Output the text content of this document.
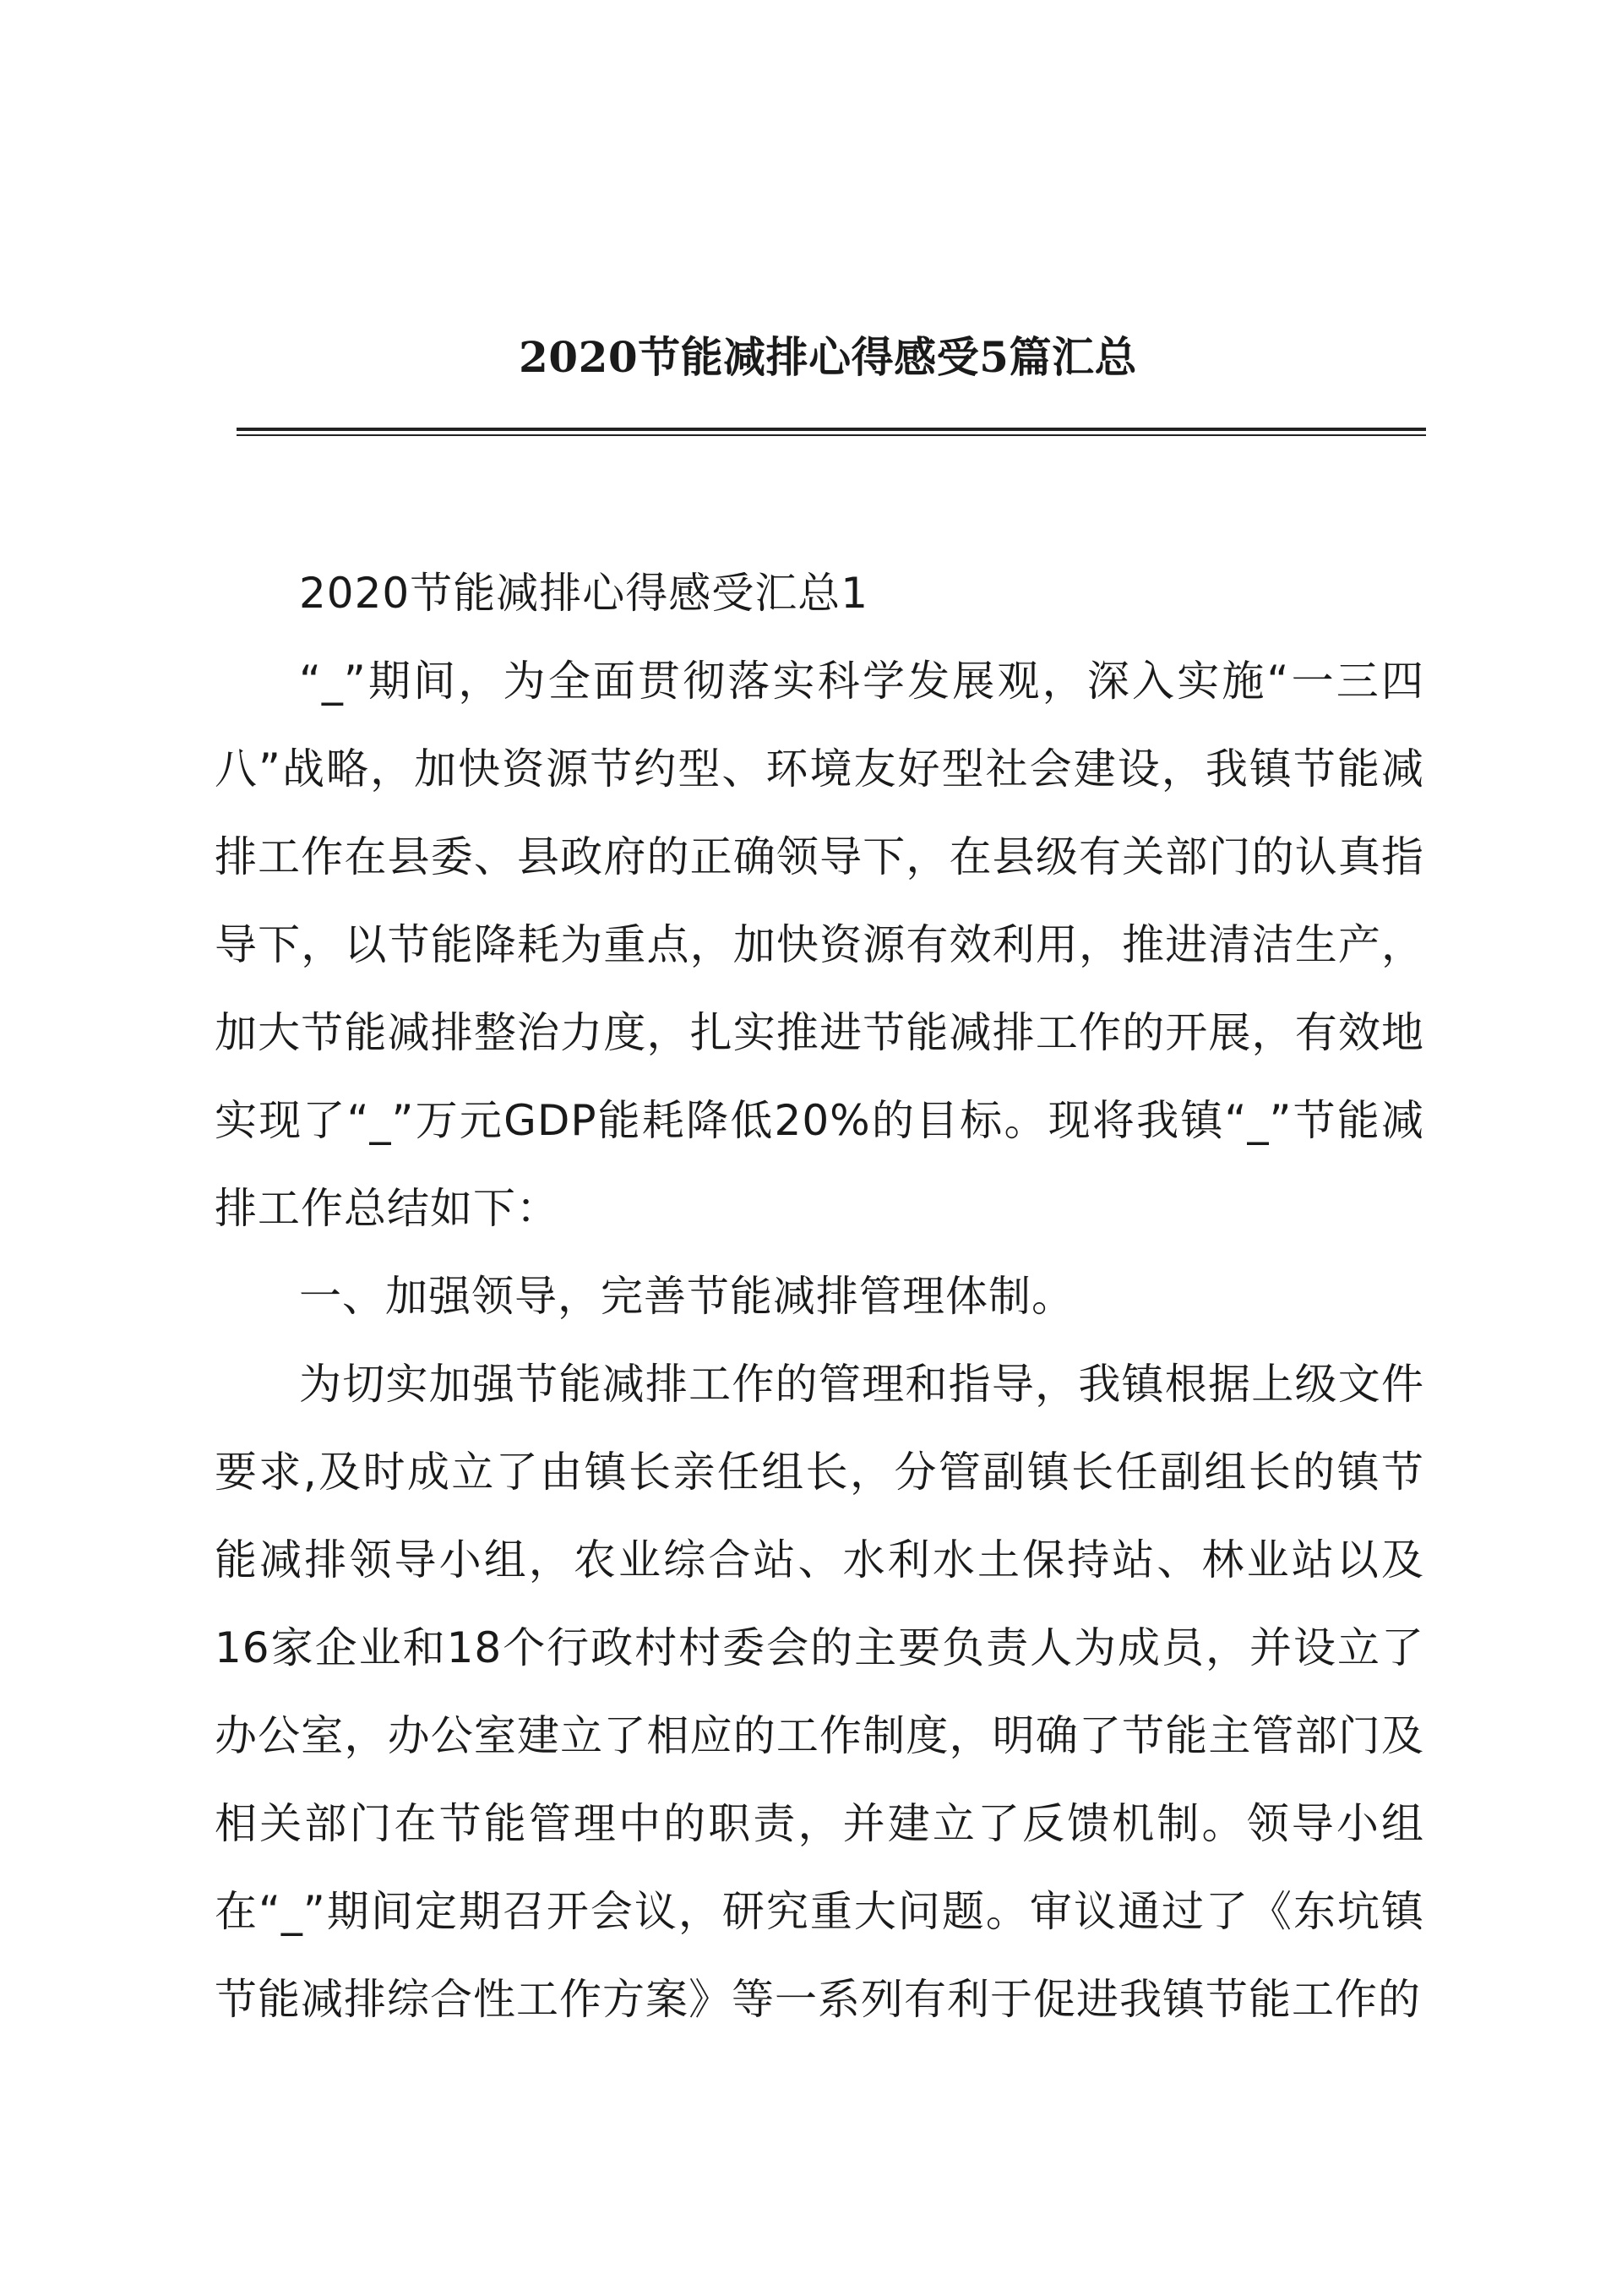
2020节能减排心得感受5篇汇总

2020节能减排心得感受汇总1

“_”期间，为全面贯彻落实科学发展观，深入实施“一三四八”战略，加快资源节约型、环境友好型社会建设，我镇节能减排工作在县委、县政府的正确领导下，在县级有关部门的认真指导下，以节能降耗为重点，加快资源有效利用，推进清洁生产，加大节能减排整治力度，扎实推进节能减排工作的开展，有效地实现了“_”万元GDP能耗降低20%的目标。现将我镇“_”节能减排工作总结如下：

一、加强领导，完善节能减排管理体制。

为切实加强节能减排工作的管理和指导，我镇根据上级文件要求,及时成立了由镇长亲任组长，分管副镇长任副组长的镇节能减排领导小组，农业综合站、水利水土保持站、林业站以及16家企业和18个行政村村委会的主要负责人为成员，并设立了办公室，办公室建立了相应的工作制度，明确了节能主管部门及相关部门在节能管理中的职责，并建立了反馈机制。领导小组在“_”期间定期召开会议，研究重大问题。审议通过了《东坑镇节能减排综合性工作方案》等一系列有利于促进我镇节能工作的
